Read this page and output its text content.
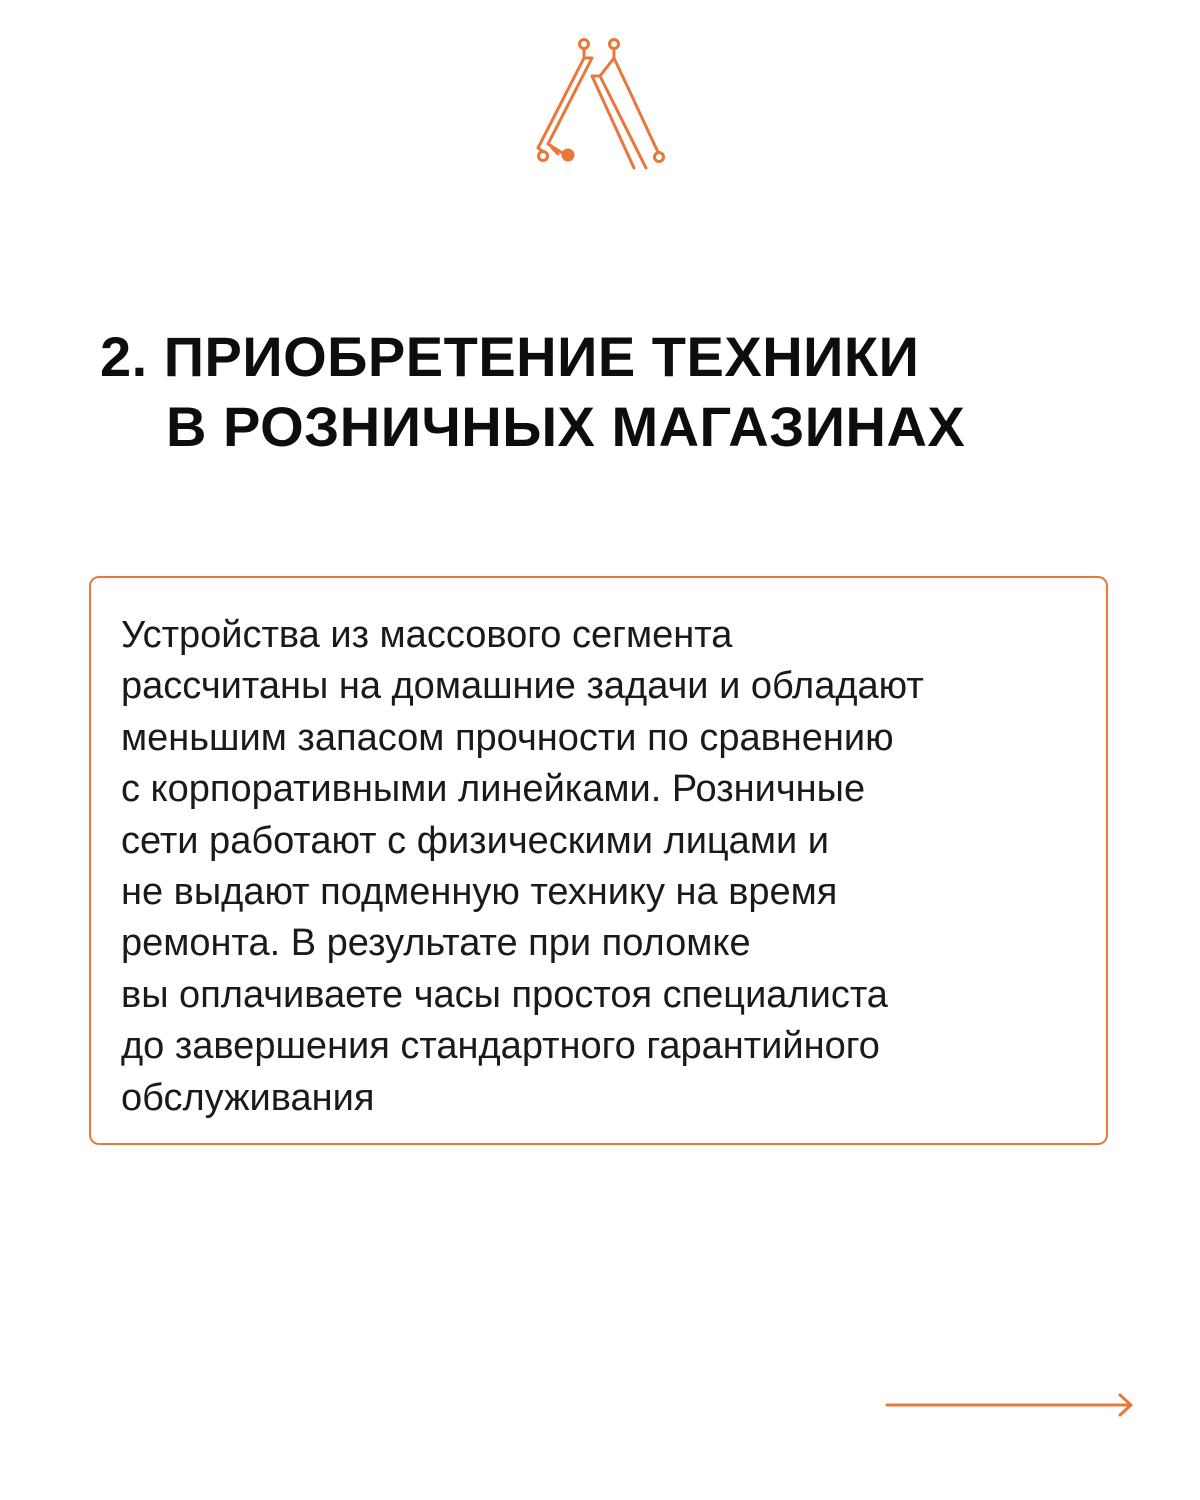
2. ПРИОБРЕТЕНИЕ ТЕХНИКИ
В РОЗНИЧНЫХ МАГАЗИНАХ

Устройства из массового сегмента
рассчитаны на домашние задачи и обладают
меньшим запасом прочности по сравнению
с корпоративными линейками. Розничные
сети работают с физическими лицами и
не выдают подменную технику на время
ремонта. В результате при поломке
вы оплачиваете часы простоя специалиста
до завершения стандартного гарантийного
обслуживания
